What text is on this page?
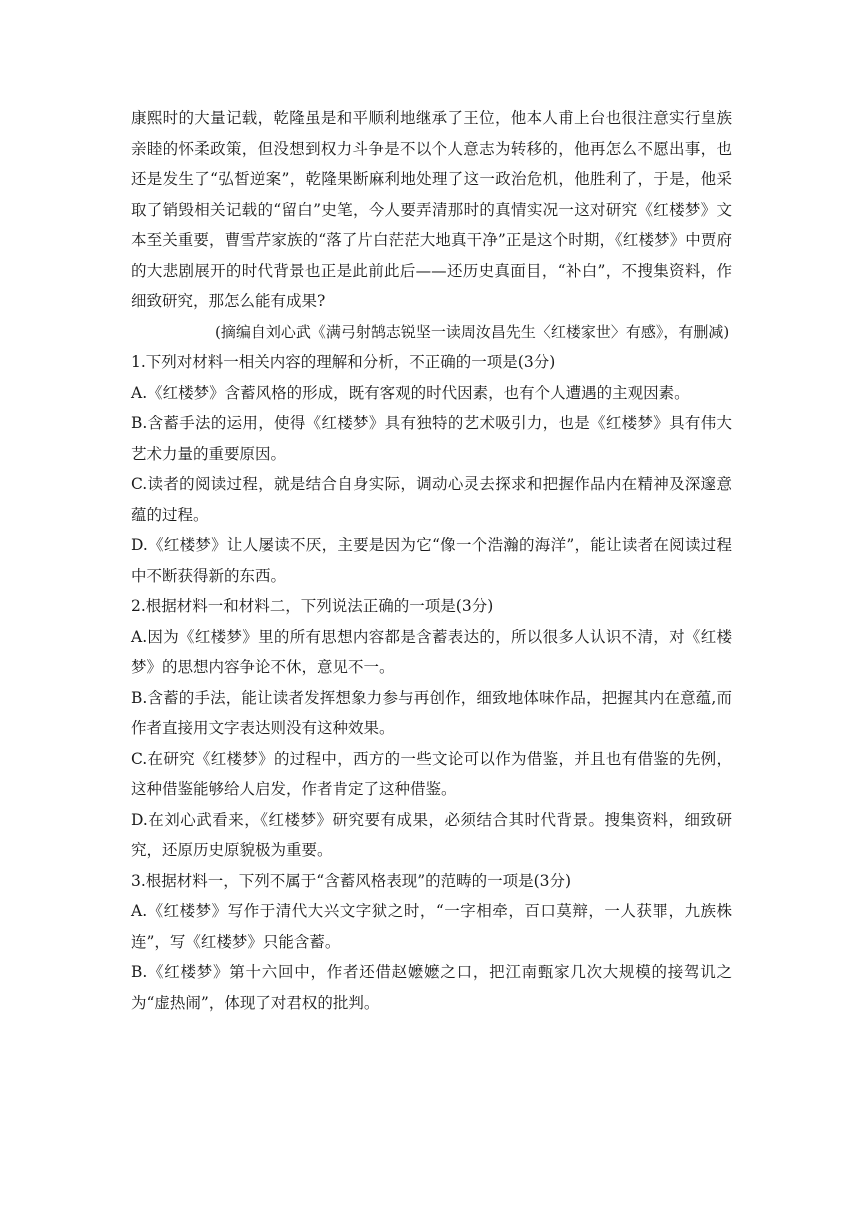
康熙时的大量记载，乾隆虽是和平顺利地继承了王位，他本人甫上台也很注意实行皇族亲睦的怀柔政策，但没想到权力斗争是不以个人意志为转移的，他再怎么不愿出事，也还是发生了“弘皙逆案”，乾隆果断麻利地处理了这一政治危机，他胜利了，于是，他采取了销毁相关记载的“留白”史笔，今人要弄清那时的真情实况一这对研究《红楼梦》文本至关重要，曹雪芹家族的“落了片白茫茫大地真干净”正是这个时期，《红楼梦》中贾府的大悲剧展开的时代背景也正是此前此后——还历史真面目，“补白”，不搜集资料，作细致研究，那怎么能有成果?

(摘编自刘心武《满弓射鹄志锐坚一读周汝昌先生〈红楼家世〉有感》，有删减)

1.下列对材料一相关内容的理解和分析，不正确的一项是(3分)

A.《红楼梦》含蓄风格的形成，既有客观的时代因素，也有个人遭遇的主观因素。

B.含蓄手法的运用，使得《红楼梦》具有独特的艺术吸引力，也是《红楼梦》具有伟大艺术力量的重要原因。

C.读者的阅读过程，就是结合自身实际，调动心灵去探求和把握作品内在精神及深邃意蕴的过程。

D.《红楼梦》让人屡读不厌，主要是因为它“像一个浩瀚的海洋”，能让读者在阅读过程中不断获得新的东西。

2.根据材料一和材料二，下列说法正确的一项是(3分)

A.因为《红楼梦》里的所有思想内容都是含蓄表达的，所以很多人认识不清，对《红楼梦》的思想内容争论不休，意见不一。

B.含蓄的手法，能让读者发挥想象力参与再创作，细致地体味作品，把握其内在意蕴,而作者直接用文字表达则没有这种效果。

C.在研究《红楼梦》的过程中，西方的一些文论可以作为借鉴，并且也有借鉴的先例，这种借鉴能够给人启发，作者肯定了这种借鉴。

D.在刘心武看来，《红楼梦》研究要有成果，必须结合其时代背景。搜集资料，细致研究，还原历史原貌极为重要。

3.根据材料一，下列不属于“含蓄风格表现”的范畴的一项是(3分)

A.《红楼梦》写作于清代大兴文字狱之时，“一字相牵，百口莫辩，一人获罪，九族株连”，写《红楼梦》只能含蓄。

B.《红楼梦》第十六回中，作者还借赵嬷嬷之口，把江南甄家几次大规模的接驾讥之为“虚热闹”，体现了对君权的批判。
